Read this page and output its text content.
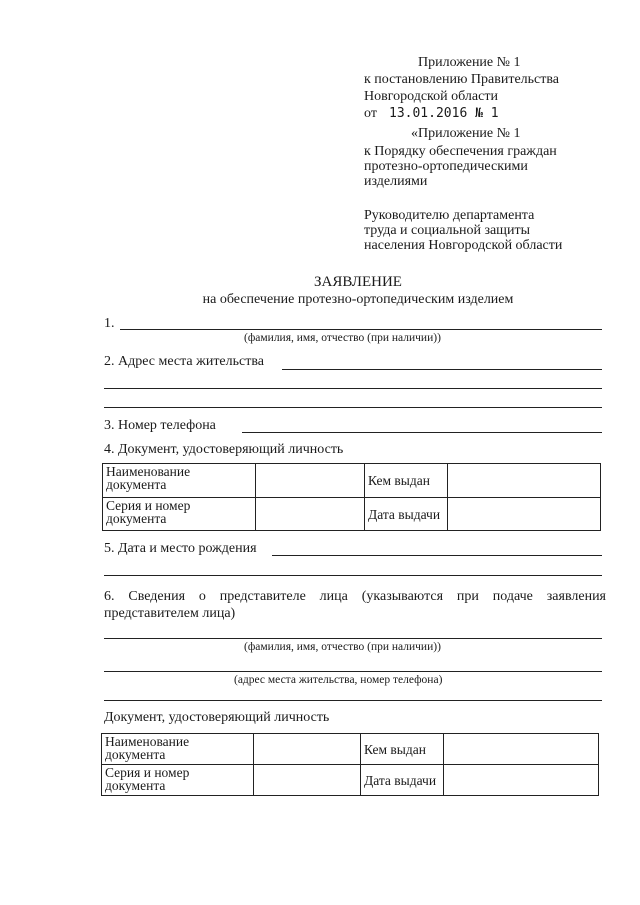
Приложение № 1
к постановлению Правительства
Новгородской области
от 13.01.2016 № 1
«Приложение № 1
к Порядку обеспечения граждан
протезно-ортопедическими
изделиями
Руководителю департамента
труда и социальной защиты
населения Новгородской области
ЗАЯВЛЕНИЕ
на обеспечение протезно-ортопедическим изделием
1.
(фамилия, имя, отчество (при наличии))
2. Адрес места жительства
3. Номер телефона
4. Документ, удостоверяющий личность
Наименование документа		Кем выдан	
Серия и номер документа		Дата выдачи	
5. Дата и место рождения
6. Сведения о представителе лица (указываются при подаче заявления
представителем лица)
(фамилия, имя, отчество (при наличии))
(адрес места жительства, номер телефона)
Документ, удостоверяющий личность
Наименование документа		Кем выдан	
Серия и номер документа		Дата выдачи	
